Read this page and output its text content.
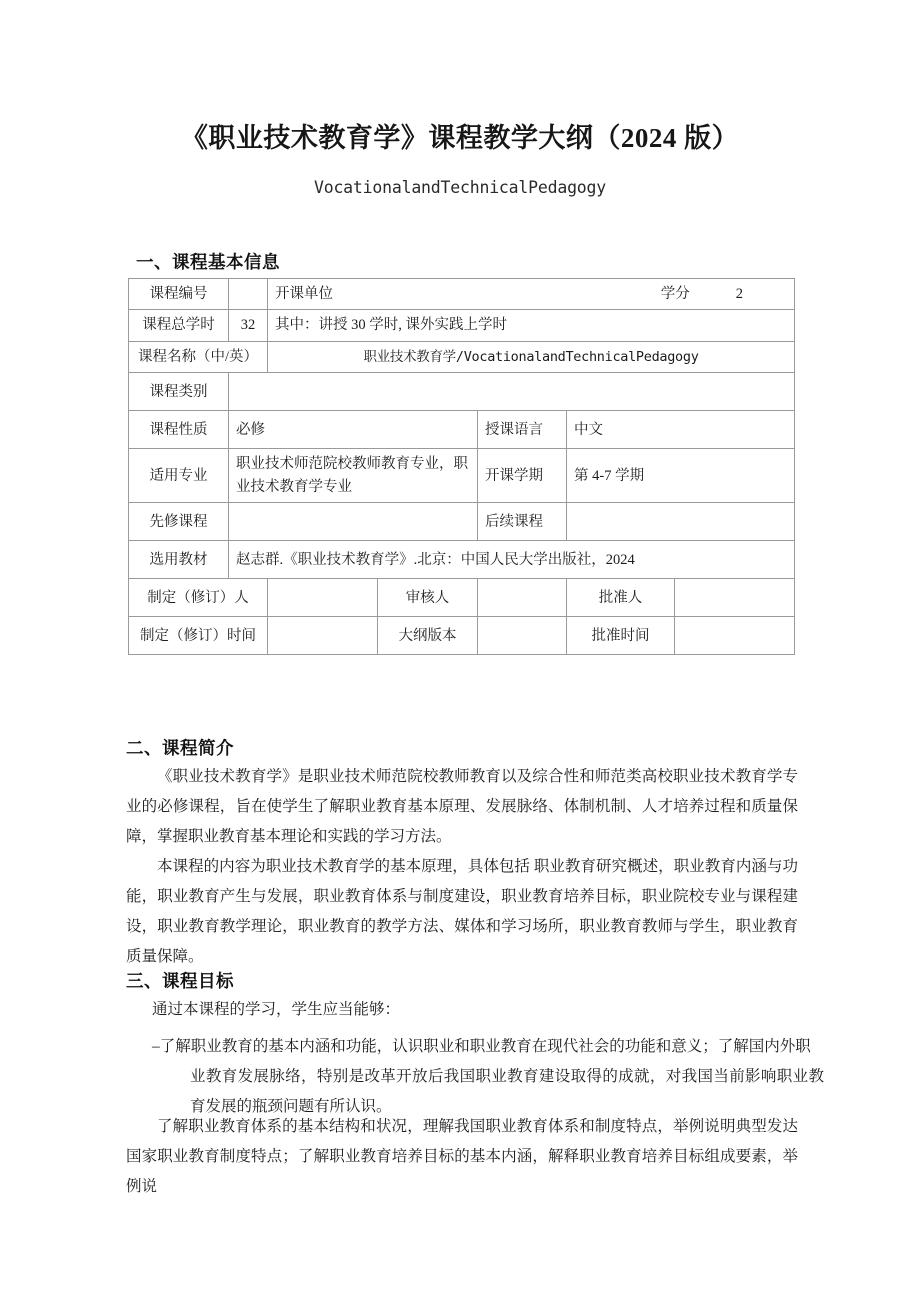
《职业技术教育学》课程教学大纲（2024 版）
VocationalandTechnicalPedagogy
一、课程基本信息
课程编号		开课单位 学分 2				

课程总学时	32	其中：讲授 30 学时, 课外实践上学时				
课程名称（中/英）		职业技术教育学/VocationalandTechnicalPedagogy				
课程类别						
课程性质	必修			授课语言	中文	
适用专业	职业技术师范院校教师教育专业，职业技术教育学专业			开课学期	第 4-7 学期	
先修课程				后续课程		
选用教材	赵志群.《职业技术教育学》.北京：中国人民大学出版社，2024					
制定（修订）人			审核人		批准人	
制定（修订）时间			大纲版本		批准时间	
二、课程简介
《职业技术教育学》是职业技术师范院校教师教育以及综合性和师范类高校职业技术教育学专业的必修课程，旨在使学生了解职业教育基本原理、发展脉络、体制机制、人才培养过程和质量保障，掌握职业教育基本理论和实践的学习方法。
本课程的内容为职业技术教育学的基本原理，具体包括 职业教育研究概述，职业教育内涵与功能，职业教育产生与发展，职业教育体系与制度建设，职业教育培养目标，职业院校专业与课程建设，职业教育教学理论，职业教育的教学方法、媒体和学习场所，职业教育教师与学生，职业教育质量保障。
三、课程目标
通过本课程的学习，学生应当能够：
–了解职业教育的基本内涵和功能，认识职业和职业教育在现代社会的功能和意义；了解国内外职
业教育发展脉络，特别是改革开放后我国职业教育建设取得的成就，对我国当前影响职业教育发展的瓶颈问题有所认识。
了解职业教育体系的基本结构和状况，理解我国职业教育体系和制度特点，举例说明典型发达国家职业教育制度特点；了解职业教育培养目标的基本内涵，解释职业教育培养目标组成要素，举例说
